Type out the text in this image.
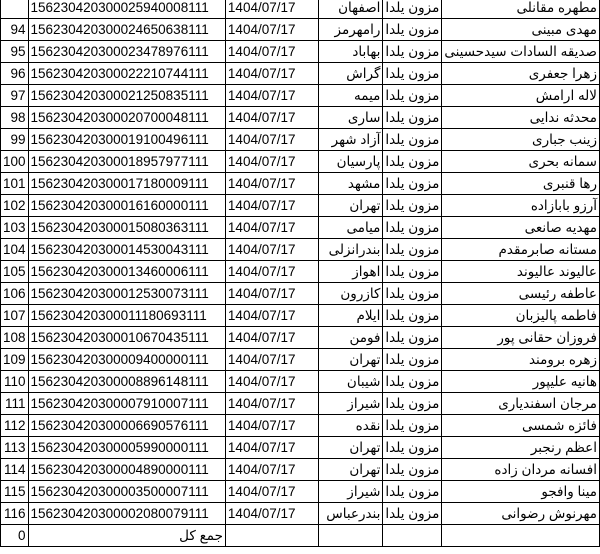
	156230420300025940008111	1404/07/17	اصفهان	مزون یلدا	مطهره مقانلی
94	156230420300024650638111	1404/07/17	رامهرمز	مزون یلدا	مهدی مبینی
95	156230420300023478976111	1404/07/17	بهاباد	مزون یلدا	صدیقه السادات سیدحسینی
96	156230420300022210744111	1404/07/17	گراش	مزون یلدا	زهرا جعفری
97	156230420300021250835111	1404/07/17	میمه	مزون یلدا	لاله ارامش
98	156230420300020700048111	1404/07/17	ساری	مزون یلدا	محدثه ندایی
99	156230420300019100496111	1404/07/17	آزاد شهر	مزون یلدا	زینب جباری
100	156230420300018957977111	1404/07/17	پارسیان	مزون یلدا	سمانه بحری
101	156230420300017180009111	1404/07/17	مشهد	مزون یلدا	رها قنبری
102	156230420300016160000111	1404/07/17	تهران	مزون یلدا	آرزو بابازاده
103	156230420300015080363111	1404/07/17	میامی	مزون یلدا	مهدیه صانعی
104	156230420300014530043111	1404/07/17	بندرانزلی	مزون یلدا	مستانه صابرمقدم
105	156230420300013460006111	1404/07/17	اهواز	مزون یلدا	عالیوند عالیوند
106	156230420300012530073111	1404/07/17	کازرون	مزون یلدا	عاطفه رئیسی
107	156230420300011180693111	1404/07/17	ایلام	مزون یلدا	فاطمه پالیزبان
108	156230420300010670435111	1404/07/17	فومن	مزون یلدا	فروزان حقانی پور
109	156230420300009400000111	1404/07/17	تهران	مزون یلدا	زهره برومند
110	156230420300008896148111	1404/07/17	شیبان	مزون یلدا	هانیه علیپور
111	156230420300007910007111	1404/07/17	شیراز	مزون یلدا	مرجان اسفندیاری
112	156230420300006690576111	1404/07/17	نقده	مزون یلدا	فائزه شمسی
113	156230420300005990000111	1404/07/17	تهران	مزون یلدا	اعظم رنجبر
114	156230420300004890000111	1404/07/17	تهران	مزون یلدا	افسانه مردان زاده
115	156230420300003500007111	1404/07/17	شیراز	مزون یلدا	مینا وافجو
116	156230420300002080079111	1404/07/17	بندرعباس	مزون یلدا	مهرنوش رضوانی
0	جمع کل				
